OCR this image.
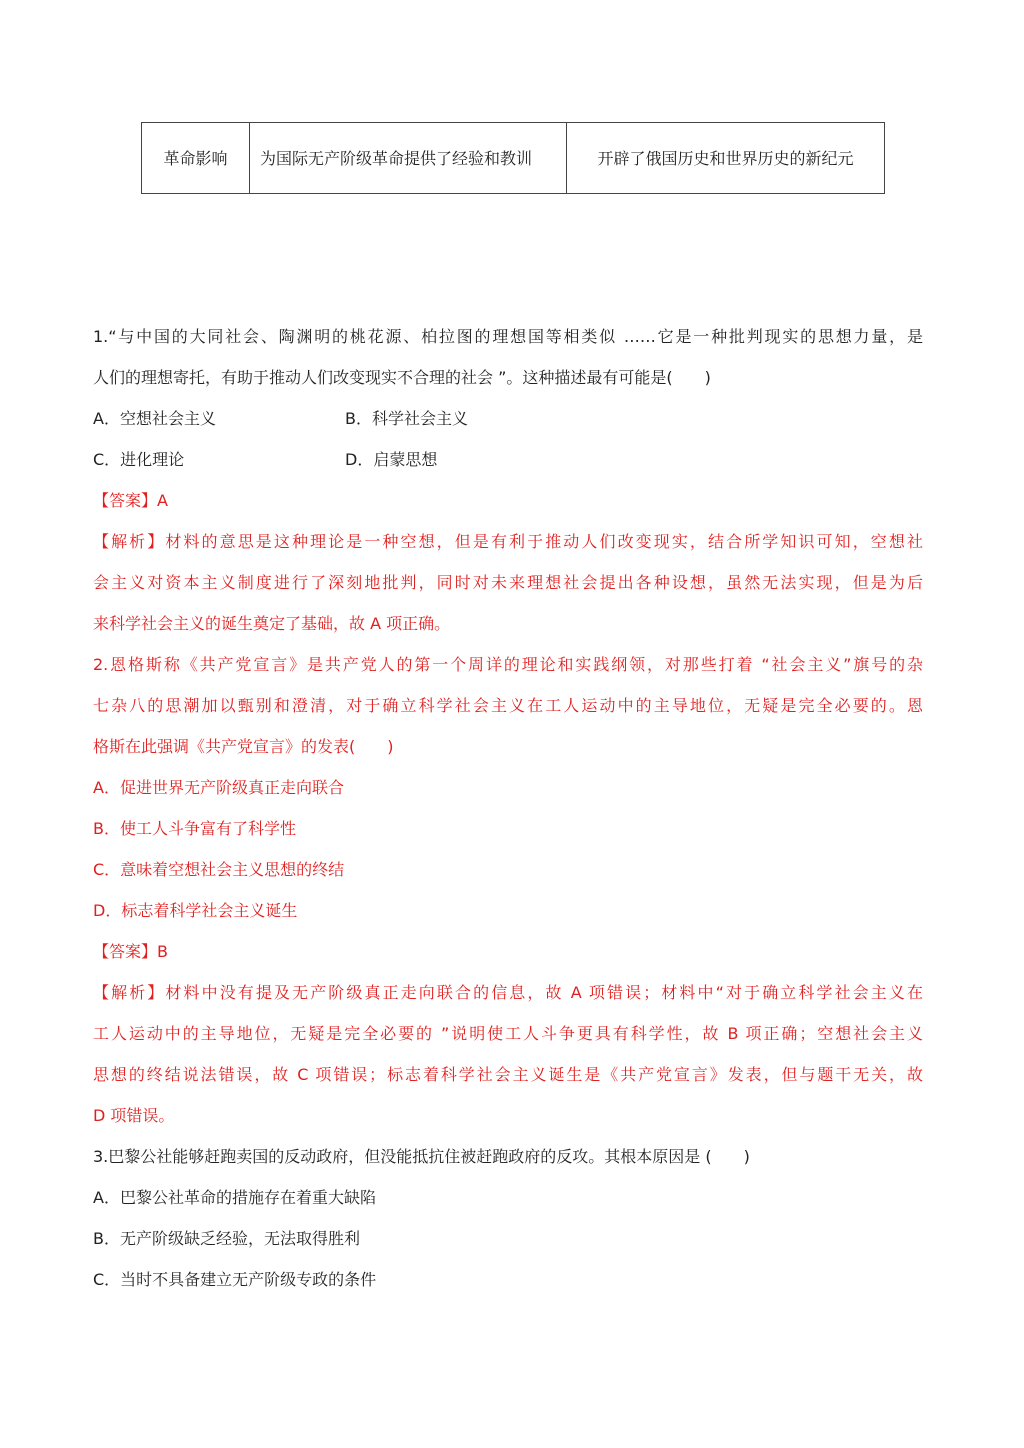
革命影响	为国际无产阶级革命提供了经验和教训	开辟了俄国历史和世界历史的新纪元
1.“与中国的大同社会、陶渊明的桃花源、柏拉图的理想国等相类似 ……它是一种批判现实的思想力量，是
人们的理想寄托，有助于推动人们改变现实不合理的社会 ”。这种描述最有可能是(　　)
A．空想社会主义	B．科学社会主义
C．进化理论	D．启蒙思想
【答案】A
【解析】材料的意思是这种理论是一种空想，但是有利于推动人们改变现实，结合所学知识可知，空想社
会主义对资本主义制度进行了深刻地批判，同时对未来理想社会提出各种设想，虽然无法实现，但是为后
来科学社会主义的诞生奠定了基础，故 A 项正确。
2.恩格斯称《共产党宣言》是共产党人的第一个周详的理论和实践纲领，对那些打着 “社会主义”旗号的杂
七杂八的思潮加以甄别和澄清，对于确立科学社会主义在工人运动中的主导地位，无疑是完全必要的。恩
格斯在此强调《共产党宣言》的发表(　　)
A．促进世界无产阶级真正走向联合
B．使工人斗争富有了科学性
C．意味着空想社会主义思想的终结
D．标志着科学社会主义诞生
【答案】B
【解析】材料中没有提及无产阶级真正走向联合的信息，故 A 项错误；材料中“对于确立科学社会主义在
工人运动中的主导地位，无疑是完全必要的 ”说明使工人斗争更具有科学性，故 B 项正确；空想社会主义
思想的终结说法错误，故 C 项错误；标志着科学社会主义诞生是《共产党宣言》发表，但与题干无关，故
D 项错误。
3.巴黎公社能够赶跑卖国的反动政府，但没能抵抗住被赶跑政府的反攻。其根本原因是 (　　)
A．巴黎公社革命的措施存在着重大缺陷
B．无产阶级缺乏经验，无法取得胜利
C．当时不具备建立无产阶级专政的条件
